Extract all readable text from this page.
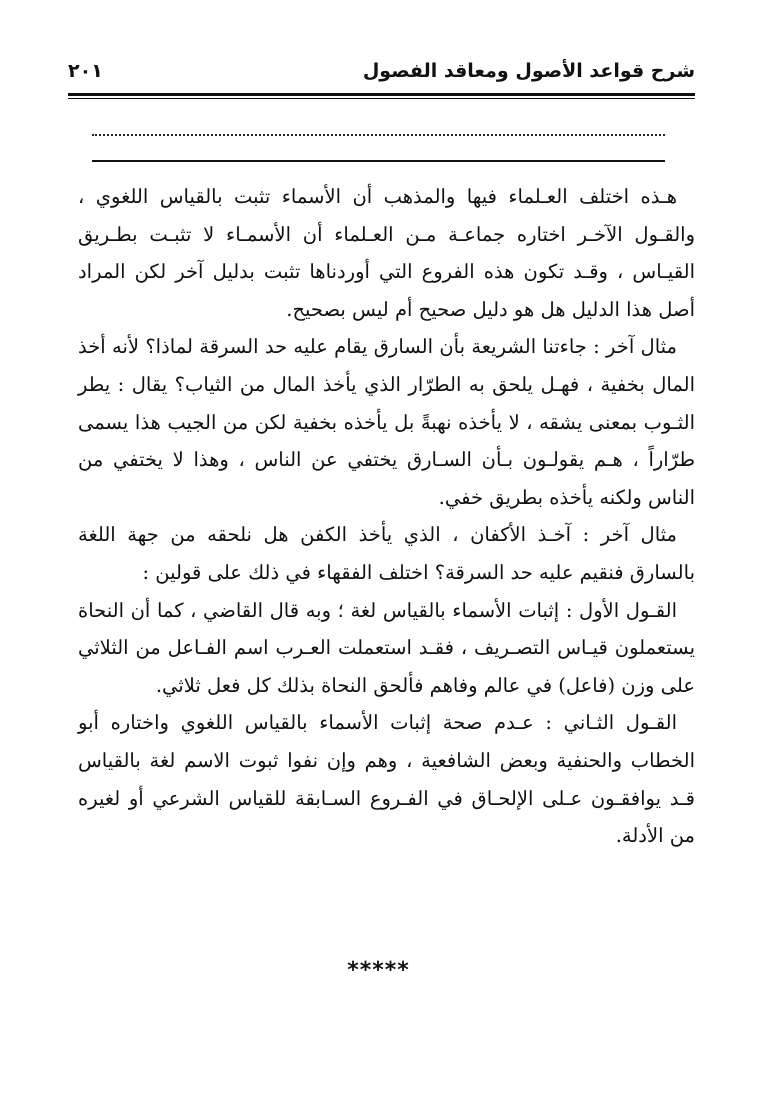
شرح قواعد الأصول ومعاقد الفصول
٢٠١

هـذه اختلف العـلماء فيها والمذهب أن الأسماء تثبت بالقياس اللغوي ، والقـول الآخـر اختاره جماعـة مـن العـلماء أن الأسمـاء لا تثبـت بطـريق القيـاس ، وقـد تكون هذه الفروع التي أوردناها تثبت بدليل آخر لكن المراد أصل هذا الدليل هل هو دليل صحيح أم ليس بصحيح.

مثال آخر : جاءتنا الشريعة بأن السارق يقام عليه حد السرقة لماذا؟ لأنه أخذ المال بخفية ، فهـل يلحق به الطرّار الذي يأخذ المال من الثياب؟ يقال : يطر الثـوب بمعنى يشقه ، لا يأخذه نهبةً بل يأخذه بخفية لكن من الجيب هذا يسمى طرّاراً ، هـم يقولـون بـأن السـارق يختفي عن الناس ، وهذا لا يختفي من الناس ولكنه يأخذه بطريق خفي.

مثال آخر : آخـذ الأكفان ، الذي يأخذ الكفن هل نلحقه من جهة اللغة بالسارق فنقيم عليه حد السرقة؟ اختلف الفقهاء في ذلك على قولين :

القـول الأول : إثبات الأسماء بالقياس لغة ؛ وبه قال القاضي ، كما أن النحاة يستعملون قيـاس التصـريف ، فقـد استعملت العـرب اسم الفـاعل من الثلاثي على وزن (فاعل) في عالم وفاهم فألحق النحاة بذلك كل فعل ثلاثي.

القـول الثـاني : عـدم صحة إثبات الأسماء بالقياس اللغوي واختاره أبو الخطاب والحنفية وبعض الشافعية ، وهم وإن نفوا ثبوت الاسم لغة بالقياس قـد يوافقـون عـلى الإلحـاق في الفـروع السـابقة للقياس الشرعي أو لغيره من الأدلة.

*****
